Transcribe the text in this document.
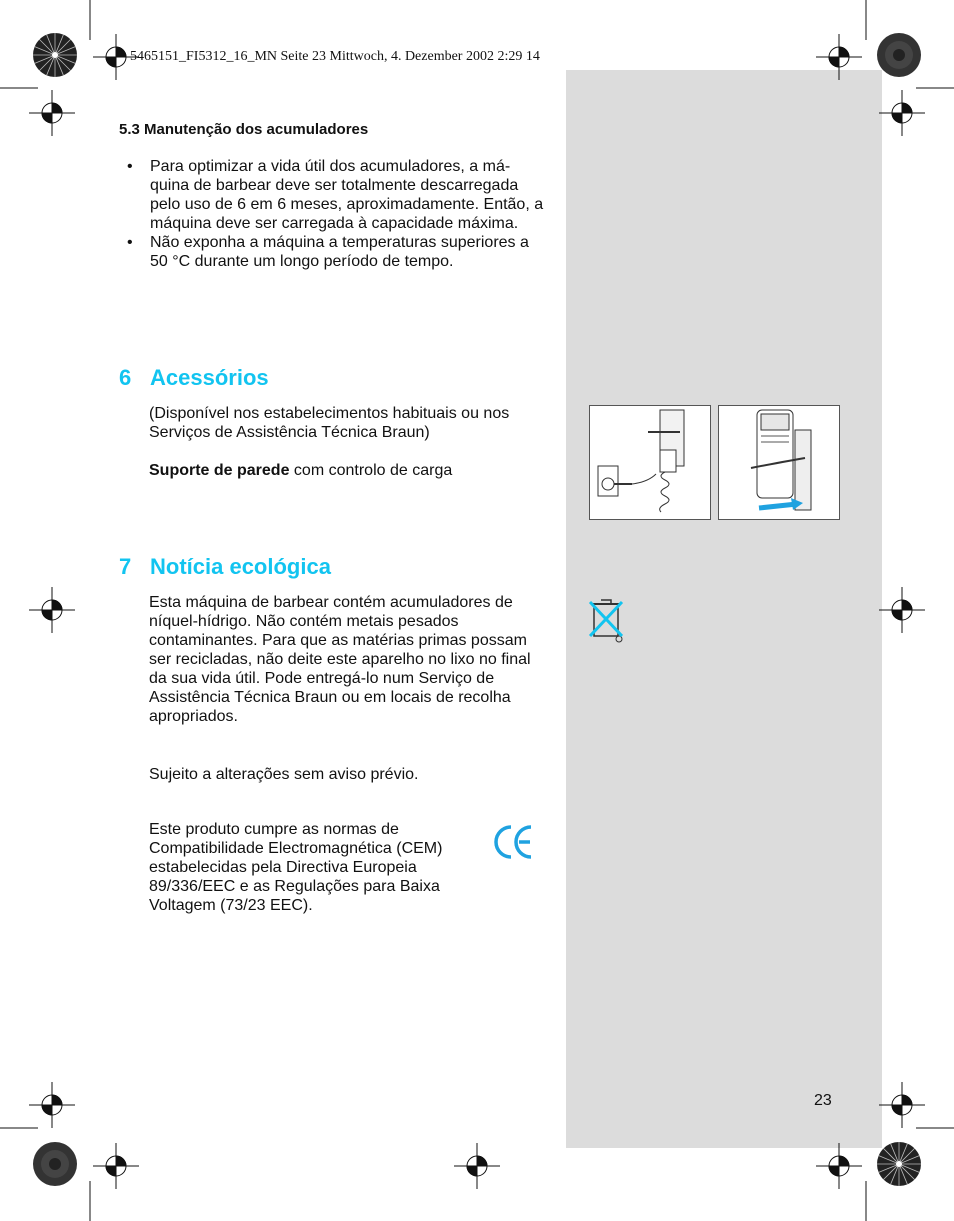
5465151_FI5312_16_MN Seite 23 Mittwoch, 4. Dezember 2002 2:29 14
5.3 Manutenção dos acumuladores
• Para optimizar a vida útil dos acumuladores, a má-
quina de barbear deve ser totalmente descarregada pelo uso de 6 em 6 meses, aproximadamente. Então, a máquina deve ser carregada à capacidade máxima.
• Não exponha a máquina a temperaturas superiores a 50 °C durante um longo período de tempo.
6 Acessórios
(Disponível nos estabelecimentos habituais ou nos Serviços de Assistência Técnica Braun)
Suporte de parede com controlo de carga
7 Notícia ecológica
Esta máquina de barbear contém acumuladores de níquel-hídrigo. Não contém metais pesados contaminantes. Para que as matérias primas possam ser recicladas, não deite este aparelho no lixo no final da sua vida útil. Pode entregá-lo num Serviço de Assistência Técnica Braun ou em locais de recolha apropriados.
Sujeito a alterações sem aviso prévio.
Este produto cumpre as normas de Compatibilidade Electromagnética (CEM) estabelecidas pela Directiva Europeia 89/336/EEC e as Regulações para Baixa Voltagem (73/23 EEC).
23
